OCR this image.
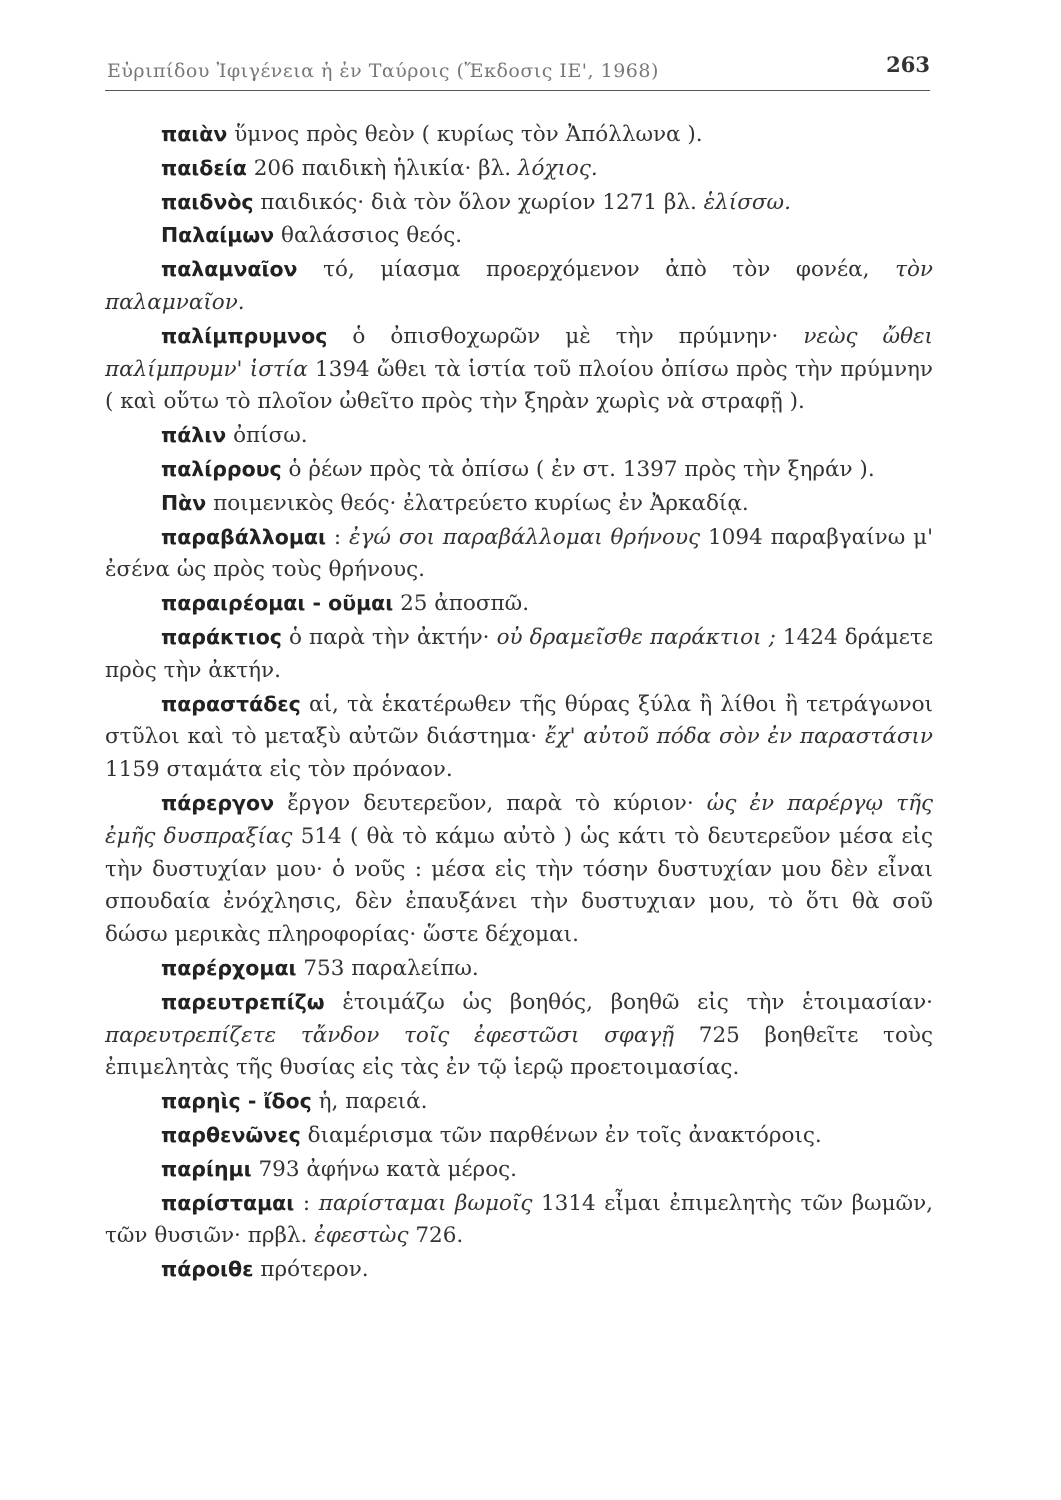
Εὐριπίδου Ἰφιγένεια ἡ ἐν Ταύροις (Ἔκδοσις ΙΕ', 1968)	263

παιὰν ὕμνος πρὸς θεὸν ( κυρίως τὸν Ἀπόλλωνα ).

παιδεία 206 παιδικὴ ἡλικία· βλ. λόχιος.

παιδνὸς παιδικός· διὰ τὸν ὅλον χωρίον 1271 βλ. ἑλίσσω.

Παλαίμων θαλάσσιος θεός.

παλαμναῖον τό, μίασμα προερχόμενον ἀπὸ τὸν φονέα, τὸν παλαμναῖον.

παλίμπρυμνος ὁ ὀπισθοχωρῶν μὲ τὴν πρύμνην· νεὼς ὤθει παλίμπρυμν' ἱστία 1394 ὤθει τὰ ἱστία τοῦ πλοίου ὀπίσω πρὸς τὴν πρύμνην ( καὶ οὕτω τὸ πλοῖον ὠθεῖτο πρὸς τὴν ξηρὰν χωρὶς νὰ στραφῇ ).

πάλιν ὀπίσω.

παλίρρους ὁ ῥέων πρὸς τὰ ὀπίσω ( ἐν στ. 1397 πρὸς τὴν ξηράν ).

Πὰν ποιμενικὸς θεός· ἐλατρεύετο κυρίως ἐν Ἀρκαδίᾳ.

παραβάλλομαι : ἐγώ σοι παραβάλλομαι θρήνους 1094 παραβγαίνω μ' ἐσένα ὡς πρὸς τοὺς θρήνους.

παραιρέομαι - οῦμαι 25 ἀποσπῶ.

παράκτιος ὁ παρὰ τὴν ἀκτήν· οὐ δραμεῖσθε παράκτιοι ; 1424 δράμετε πρὸς τὴν ἀκτήν.

παραστάδες αἱ, τὰ ἑκατέρωθεν τῆς θύρας ξύλα ἢ λίθοι ἢ τετράγωνοι στῦλοι καὶ τὸ μεταξὺ αὐτῶν διάστημα· ἔχ' αὐτοῦ πόδα σὸν ἐν παραστάσιν 1159 σταμάτα εἰς τὸν πρόναον.

πάρεργον ἔργον δευτερεῦον, παρὰ τὸ κύριον· ὡς ἐν παρέργῳ τῆς ἐμῆς δυσπραξίας 514 ( θὰ τὸ κάμω αὐτὸ ) ὡς κάτι τὸ δευτερεῦον μέσα εἰς τὴν δυστυχίαν μου· ὁ νοῦς : μέσα εἰς τὴν τόσην δυστυχίαν μου δὲν εἶναι σπουδαία ἐνόχλησις, δὲν ἐπαυξάνει τὴν δυστυχιαν μου, τὸ ὅτι θὰ σοῦ δώσω μερικὰς πληροφορίας· ὥστε δέχομαι.

παρέρχομαι 753 παραλείπω.

παρευτρεπίζω ἑτοιμάζω ὡς βοηθός, βοηθῶ εἰς τὴν ἑτοιμασίαν· παρευτρεπίζετε τἄνδον τοῖς ἐφεστῶσι σφαγῇ 725 βοηθεῖτε τοὺς ἐπιμελητὰς τῆς θυσίας εἰς τὰς ἐν τῷ ἱερῷ προετοιμασίας.

παρηὶς - ἴδος ἡ, παρειά.

παρθενῶνες διαμέρισμα τῶν παρθένων ἐν τοῖς ἀνακτόροις.

παρίημι 793 ἀφήνω κατὰ μέρος.

παρίσταμαι : παρίσταμαι βωμοῖς 1314 εἶμαι ἐπιμελητὴς τῶν βωμῶν, τῶν θυσιῶν· πρβλ. ἐφεστὼς 726.

πάροιθε πρότερον.
